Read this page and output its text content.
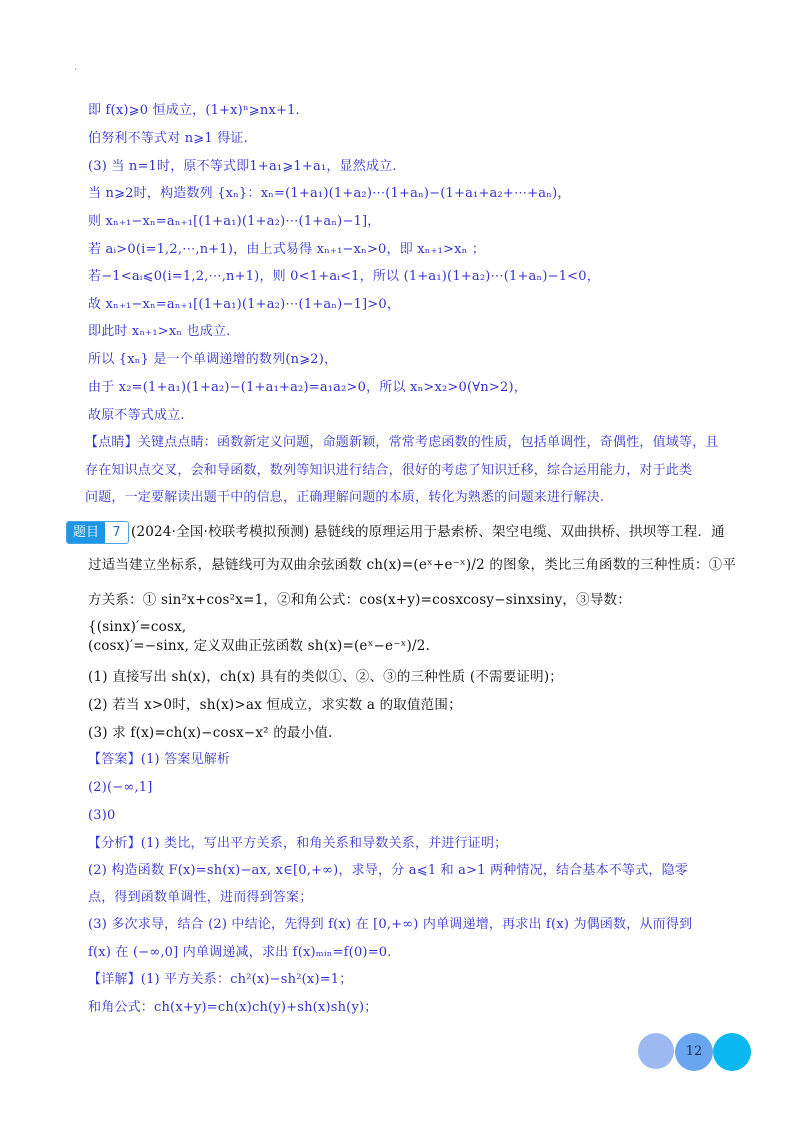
.
即 f(x)⩾0 恒成立，(1+x)ⁿ⩾nx+1.
伯努利不等式对 n⩾1 得证.
(3) 当 n=1时，原不等式即1+a₁⩾1+a₁，显然成立.
当 n⩾2时，构造数列 {xₙ}：xₙ=(1+a₁)(1+a₂)⋯(1+aₙ)−(1+a₁+a₂+⋯+aₙ)，
则 xₙ₊₁−xₙ=aₙ₊₁[(1+a₁)(1+a₂)⋯(1+aₙ)−1]，
若 aᵢ>0(i=1,2,⋯,n+1)，由上式易得 xₙ₊₁−xₙ>0，即 xₙ₊₁>xₙ ；
若−1<aᵢ⩽0(i=1,2,⋯,n+1)，则 0<1+aᵢ<1，所以 (1+a₁)(1+a₂)⋯(1+aₙ)−1<0，
故 xₙ₊₁−xₙ=aₙ₊₁[(1+a₁)(1+a₂)⋯(1+aₙ)−1]>0，
即此时 xₙ₊₁>xₙ 也成立.
所以 {xₙ} 是一个单调递增的数列(n⩾2)，
由于 x₂=(1+a₁)(1+a₂)−(1+a₁+a₂)=a₁a₂>0，所以 xₙ>x₂>0(∀n>2)，
故原不等式成立.
【点睛】关键点点睛：函数新定义问题，命题新颖，常常考虑函数的性质，包括单调性，奇偶性，值域等，且
存在知识点交叉，会和导函数，数列等知识进行结合，很好的考虑了知识迁移，综合运用能力，对于此类
问题，一定要解读出题干中的信息，正确理解问题的本质，转化为熟悉的问题来进行解决.
题目	7 (2024·全国·校联考模拟预测) 悬链线的原理运用于悬索桥、架空电缆、双曲拱桥、拱坝等工程．通
过适当建立坐标系，悬链线可为双曲余弦函数 ch(x)=(eˣ+e⁻ˣ)/2 的图象，类比三角函数的三种性质：①平
方关系：① sin²x+cos²x=1，②和角公式：cos(x+y)=cosxcosy−sinxsiny，③导数：
{(sinx)′=cosx,
(cosx)′=−sinx, 定义双曲正弦函数 sh(x)=(eˣ−e⁻ˣ)/2.
(1) 直接写出 sh(x)，ch(x) 具有的类似①、②、③的三种性质 (不需要证明)；
(2) 若当 x>0时，sh(x)>ax 恒成立，求实数 a 的取值范围；
(3) 求 f(x)=ch(x)−cosx−x² 的最小值.
【答案】(1) 答案见解析
(2)(−∞,1]
(3)0
【分析】(1) 类比，写出平方关系，和角关系和导数关系，并进行证明；
(2) 构造函数 F(x)=sh(x)−ax, x∈[0,+∞)，求导，分 a⩽1 和 a>1 两种情况，结合基本不等式，隐零
点，得到函数单调性，进而得到答案；
(3) 多次求导，结合 (2) 中结论，先得到 f(x) 在 [0,+∞) 内单调递增，再求出 f(x) 为偶函数，从而得到
f(x) 在 (−∞,0] 内单调递减，求出 f(x)ₘᵢₙ=f(0)=0.
【详解】(1) 平方关系：ch²(x)−sh²(x)=1；
和角公式：ch(x+y)=ch(x)ch(y)+sh(x)sh(y)；
12
